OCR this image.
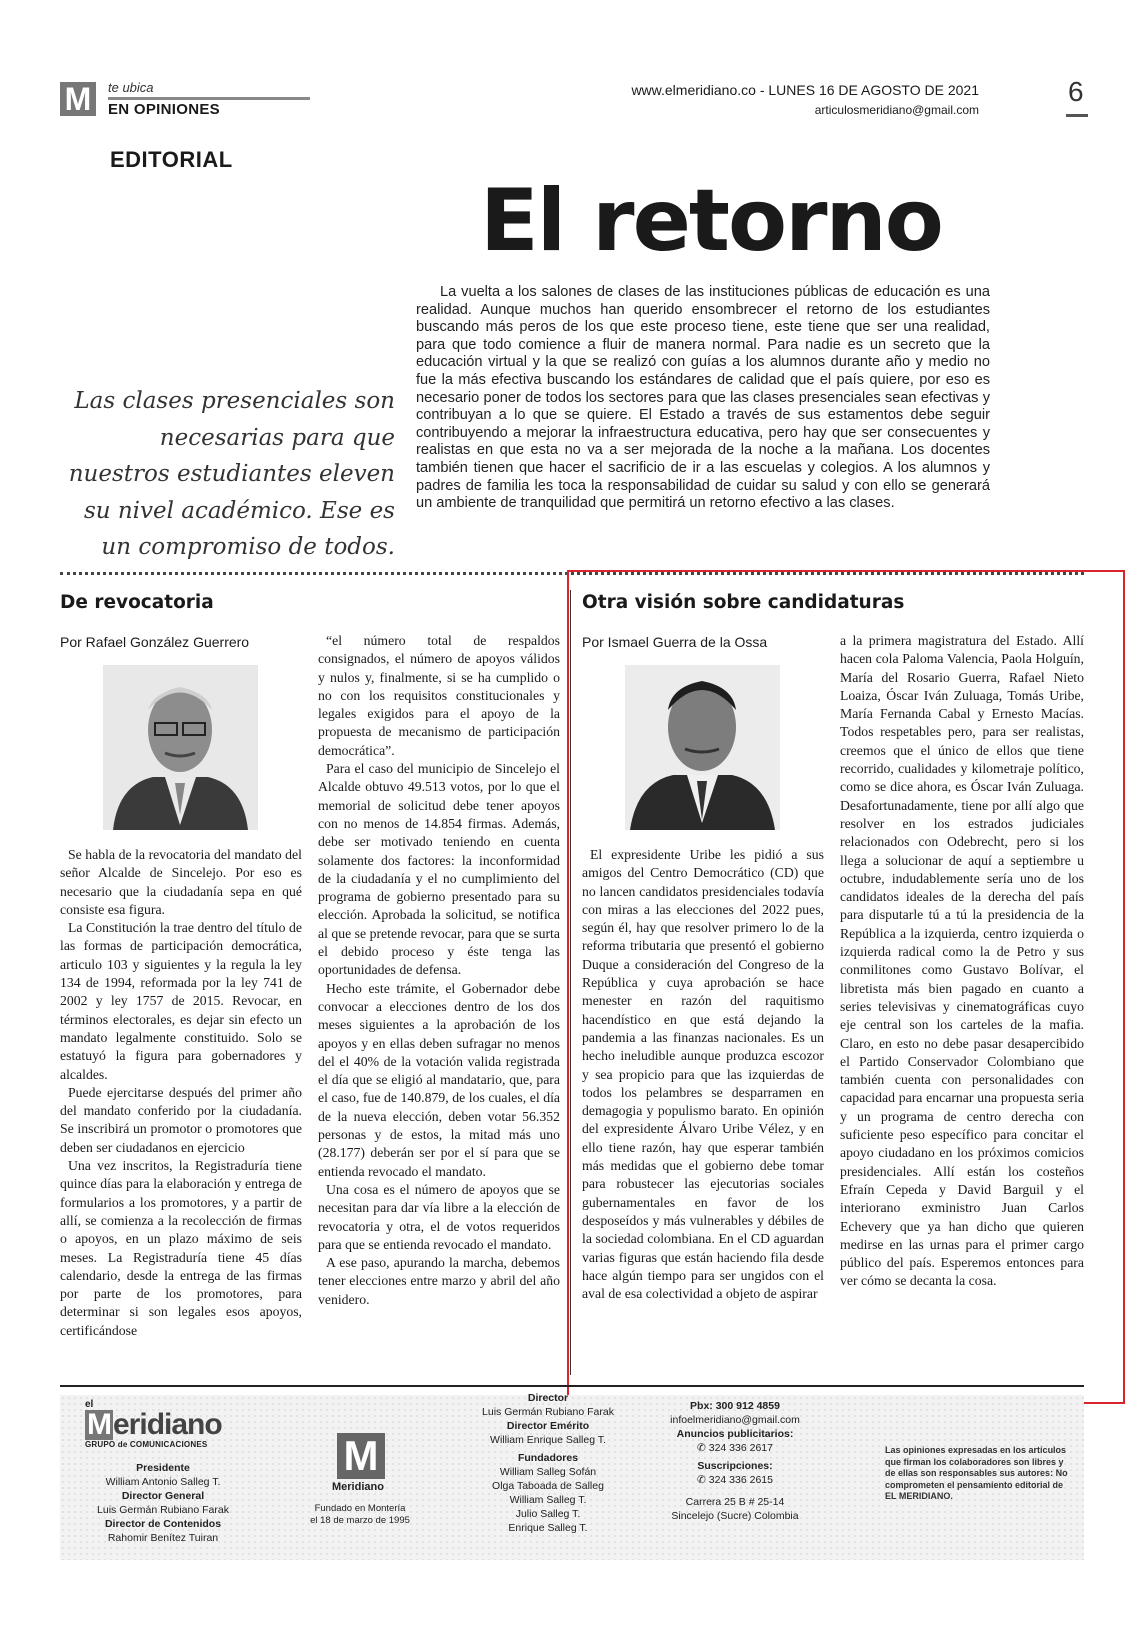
M	te ubica
EN OPINIONES
www.elmeridiano.co - LUNES 16 DE AGOSTO DE 2021
articulosmeridiano@gmail.com
6
EDITORIAL
El retorno
Las clases presenciales son necesarias para que nuestros estudiantes eleven su nivel académico. Ese es un compromiso de todos.
La vuelta a los salones de clases de las instituciones públicas de educación es una realidad. Aunque muchos han querido ensombrecer el retorno de los estudiantes buscando más peros de los que este proceso tiene, este tiene que ser una realidad, para que todo comience a fluir de manera normal. Para nadie es un secreto que la educación virtual y la que se realizó con guías a los alumnos durante año y medio no fue la más efectiva buscando los estándares de calidad que el país quiere, por eso es necesario poner de todos los sectores para que las clases presenciales sean efectivas y contribuyan a lo que se quiere. El Estado a través de sus estamentos debe seguir contribuyendo a mejorar la infraestructura educativa, pero hay que ser consecuentes y realistas en que esta no va a ser mejorada de la noche a la mañana. Los docentes también tienen que hacer el sacrificio de ir a las escuelas y colegios. A los alumnos y padres de familia les toca la responsabilidad de cuidar su salud y con ello se generará un ambiente de tranquilidad que permitirá un retorno efectivo a las clases.
De revocatoria
Por Rafael González Guerrero

Se habla de la revocatoria del mandato del señor Alcalde de Sincelejo. Por eso es necesario que la ciudadanía sepa en qué consiste esa figura.

La Constitución la trae dentro del título de las formas de participación democrática, articulo 103 y siguientes y la regula la ley 134 de 1994, reformada por la ley 741 de 2002 y ley 1757 de 2015. Revocar, en términos electorales, es dejar sin efecto un mandato legalmente constituido. Solo se estatuyó la figura para gobernadores y alcaldes.

Puede ejercitarse después del primer año del mandato conferido por la ciudadanía. Se inscribirá un promotor o promotores que deben ser ciudadanos en ejercicio

Una vez inscritos, la Registraduría tiene quince días para la elaboración y entrega de formularios a los promotores, y a partir de allí, se comienza a la recolección de firmas o apoyos, en un plazo máximo de seis meses. La Registraduría tiene 45 días calendario, desde la entrega de las firmas por parte de los promotores, para determinar si son legales esos apoyos, certificándose

“el número total de respaldos consignados, el número de apoyos válidos y nulos y, finalmente, si se ha cumplido o no con los requisitos constitucionales y legales exigidos para el apoyo de la propuesta de mecanismo de participación democrática”.

Para el caso del municipio de Sincelejo el Alcalde obtuvo 49.513 votos, por lo que el memorial de solicitud debe tener apoyos con no menos de 14.854 firmas. Además, debe ser motivado teniendo en cuenta solamente dos factores: la inconformidad de la ciudadanía y el no cumplimiento del programa de gobierno presentado para su elección. Aprobada la solicitud, se notifica al que se pretende revocar, para que se surta el debido proceso y éste tenga las oportunidades de defensa.

Hecho este trámite, el Gobernador debe convocar a elecciones dentro de los dos meses siguientes a la aprobación de los apoyos y en ellas deben sufragar no menos del el 40% de la votación valida registrada el día que se eligió al mandatario, que, para el caso, fue de 140.879, de los cuales, el día de la nueva elección, deben votar 56.352 personas y de estos, la mitad más uno (28.177) deberán ser por el sí para que se entienda revocado el mandato.

Una cosa es el número de apoyos que se necesitan para dar vía libre a la elección de revocatoria y otra, el de votos requeridos para que se entienda revocado el mandato.

A ese paso, apurando la marcha, debemos tener elecciones entre marzo y abril del año venidero.

Otra visión sobre candidaturas
Por Ismael Guerra de la Ossa

El expresidente Uribe les pidió a sus amigos del Centro Democrático (CD) que no lancen candidatos presidenciales todavía con miras a las elecciones del 2022 pues, según él, hay que resolver primero lo de la reforma tributaria que presentó el gobierno Duque a consideración del Congreso de la República y cuya aprobación se hace menester en razón del raquitismo hacendístico en que está dejando la pandemia a las finanzas nacionales. Es un hecho ineludible aunque produzca escozor y sea propicio para que las izquierdas de todos los pelambres se desparramen en demagogia y populismo barato. En opinión del expresidente Álvaro Uribe Vélez, y en ello tiene razón, hay que esperar también más medidas que el gobierno debe tomar para robustecer las ejecutorias sociales gubernamentales en favor de los desposeídos y más vulnerables y débiles de la sociedad colombiana. En el CD aguardan varias figuras que están haciendo fila desde hace algún tiempo para ser ungidos con el aval de esa colectividad a objeto de aspirar

a la primera magistratura del Estado. Allí hacen cola Paloma Valencia, Paola Holguín, María del Rosario Guerra, Rafael Nieto Loaiza, Óscar Iván Zuluaga, Tomás Uribe, María Fernanda Cabal y Ernesto Macías. Todos respetables pero, para ser realistas, creemos que el único de ellos que tiene recorrido, cualidades y kilometraje político, como se dice ahora, es Óscar Iván Zuluaga. Desafortunadamente, tiene por allí algo que resolver en los estrados judiciales relacionados con Odebrecht, pero si los llega a solucionar de aquí a septiembre u octubre, indudablemente sería uno de los candidatos ideales de la derecha del país para disputarle tú a tú la presidencia de la República a la izquierda, centro izquierda o izquierda radical como la de Petro y sus conmilitones como Gustavo Bolívar, el libretista más bien pagado en cuanto a series televisivas y cinematográficas cuyo eje central son los carteles de la mafia. Claro, en esto no debe pasar desapercibido el Partido Conservador Colombiano que también cuenta con personalidades con capacidad para encarnar una propuesta seria y un programa de centro derecha con suficiente peso específico para concitar el apoyo ciudadano en los próximos comicios presidenciales. Allí están los costeños Efraín Cepeda y David Barguil y el interiorano exministro Juan Carlos Echevery que ya han dicho que quieren medirse en las urnas para el primer cargo público del país. Esperemos entonces para ver cómo se decanta la cosa.

el
Meridiano
GRUPO de COMUNICACIONES
Presidente
William Antonio Salleg T.
Director General
Luis Germán Rubiano Farak
Director de Contenidos
Rahomir Benítez Tuiran
M
Meridiano
Fundado en Montería
el 18 de marzo de 1995
Director
Luis Germán Rubiano Farak
Director Emérito
William Enrique Salleg T.
Fundadores
William Salleg Sofán
Olga Taboada de Salleg
William Salleg T.
Julio Salleg T.
Enrique Salleg T.
Pbx: 300 912 4859
infoelmeridiano@gmail.com
Anuncios publicitarios:
✆ 324 336 2617
Suscripciones:
✆ 324 336 2615
Carrera 25 B # 25-14
Sincelejo (Sucre) Colombia
Las opiniones expresadas en los artículos que firman los colaboradores son libres y de ellas son responsables sus autores: No comprometen el pensamiento editorial de EL MERIDIANO.
